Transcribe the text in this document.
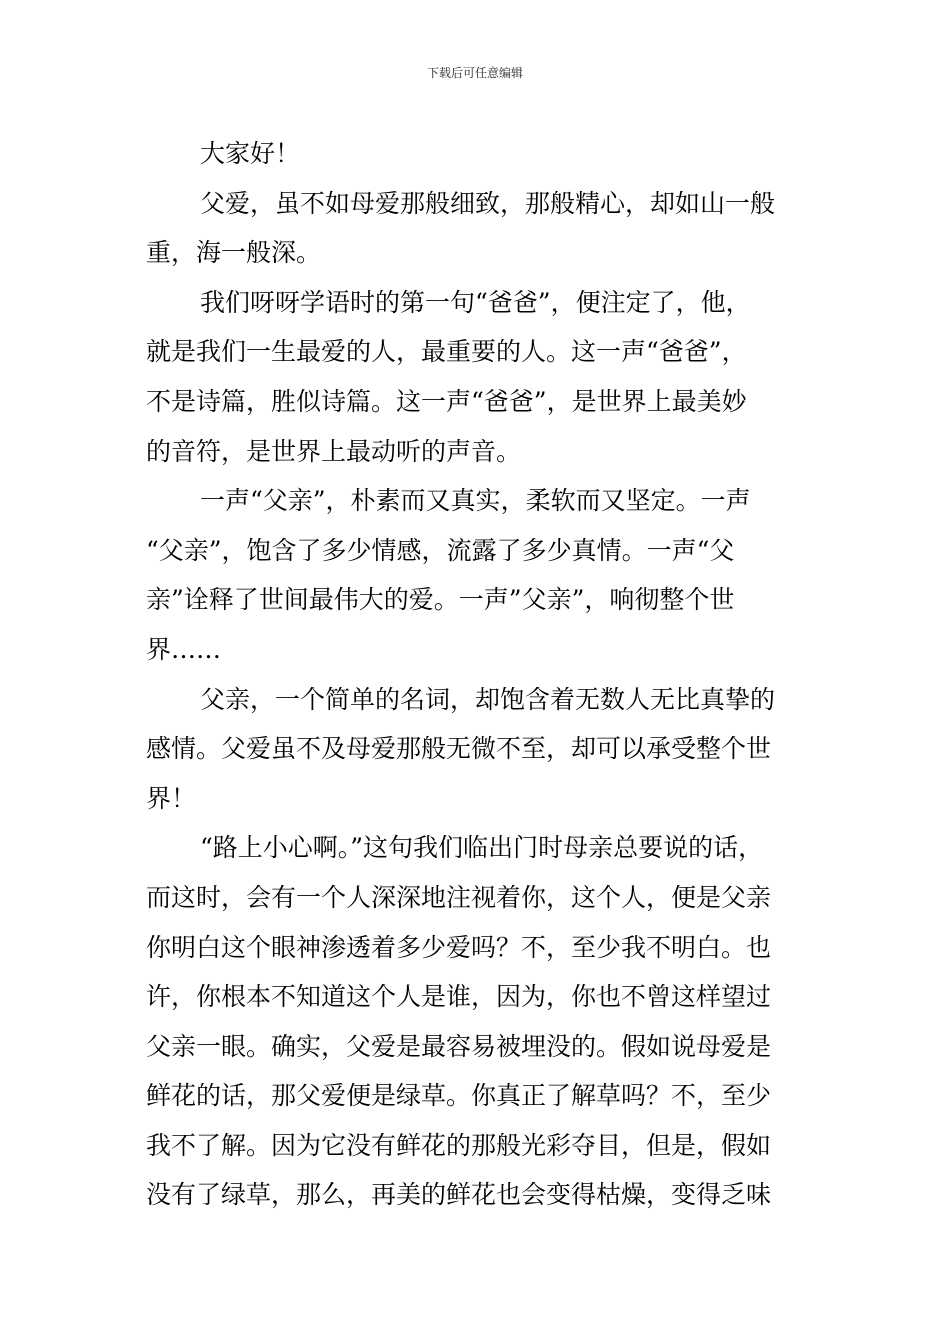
下载后可任意编辑
大家好！
父爱，虽不如母爱那般细致，那般精心，却如山一般
重，海一般深。
我们呀呀学语时的第一句“爸爸”，便注定了，他，
就是我们一生最爱的人，最重要的人。这一声“爸爸”，
不是诗篇，胜似诗篇。这一声“爸爸”，是世界上最美妙
的音符，是世界上最动听的声音。
一声“父亲”，朴素而又真实，柔软而又坚定。一声
“父亲”，饱含了多少情感，流露了多少真情。一声“父
亲”诠释了世间最伟大的爱。一声”父亲”，响彻整个世
界……
父亲，一个简单的名词，却饱含着无数人无比真挚的
感情。父爱虽不及母爱那般无微不至，却可以承受整个世
界！
“路上小心啊。”这句我们临出门时母亲总要说的话，
而这时，会有一个人深深地注视着你，这个人，便是父亲
你明白这个眼神渗透着多少爱吗？不，至少我不明白。也
许，你根本不知道这个人是谁，因为，你也不曾这样望过
父亲一眼。确实，父爱是最容易被埋没的。假如说母爱是
鲜花的话，那父爱便是绿草。你真正了解草吗？不，至少
我不了解。因为它没有鲜花的那般光彩夺目，但是，假如
没有了绿草，那么，再美的鲜花也会变得枯燥，变得乏味
